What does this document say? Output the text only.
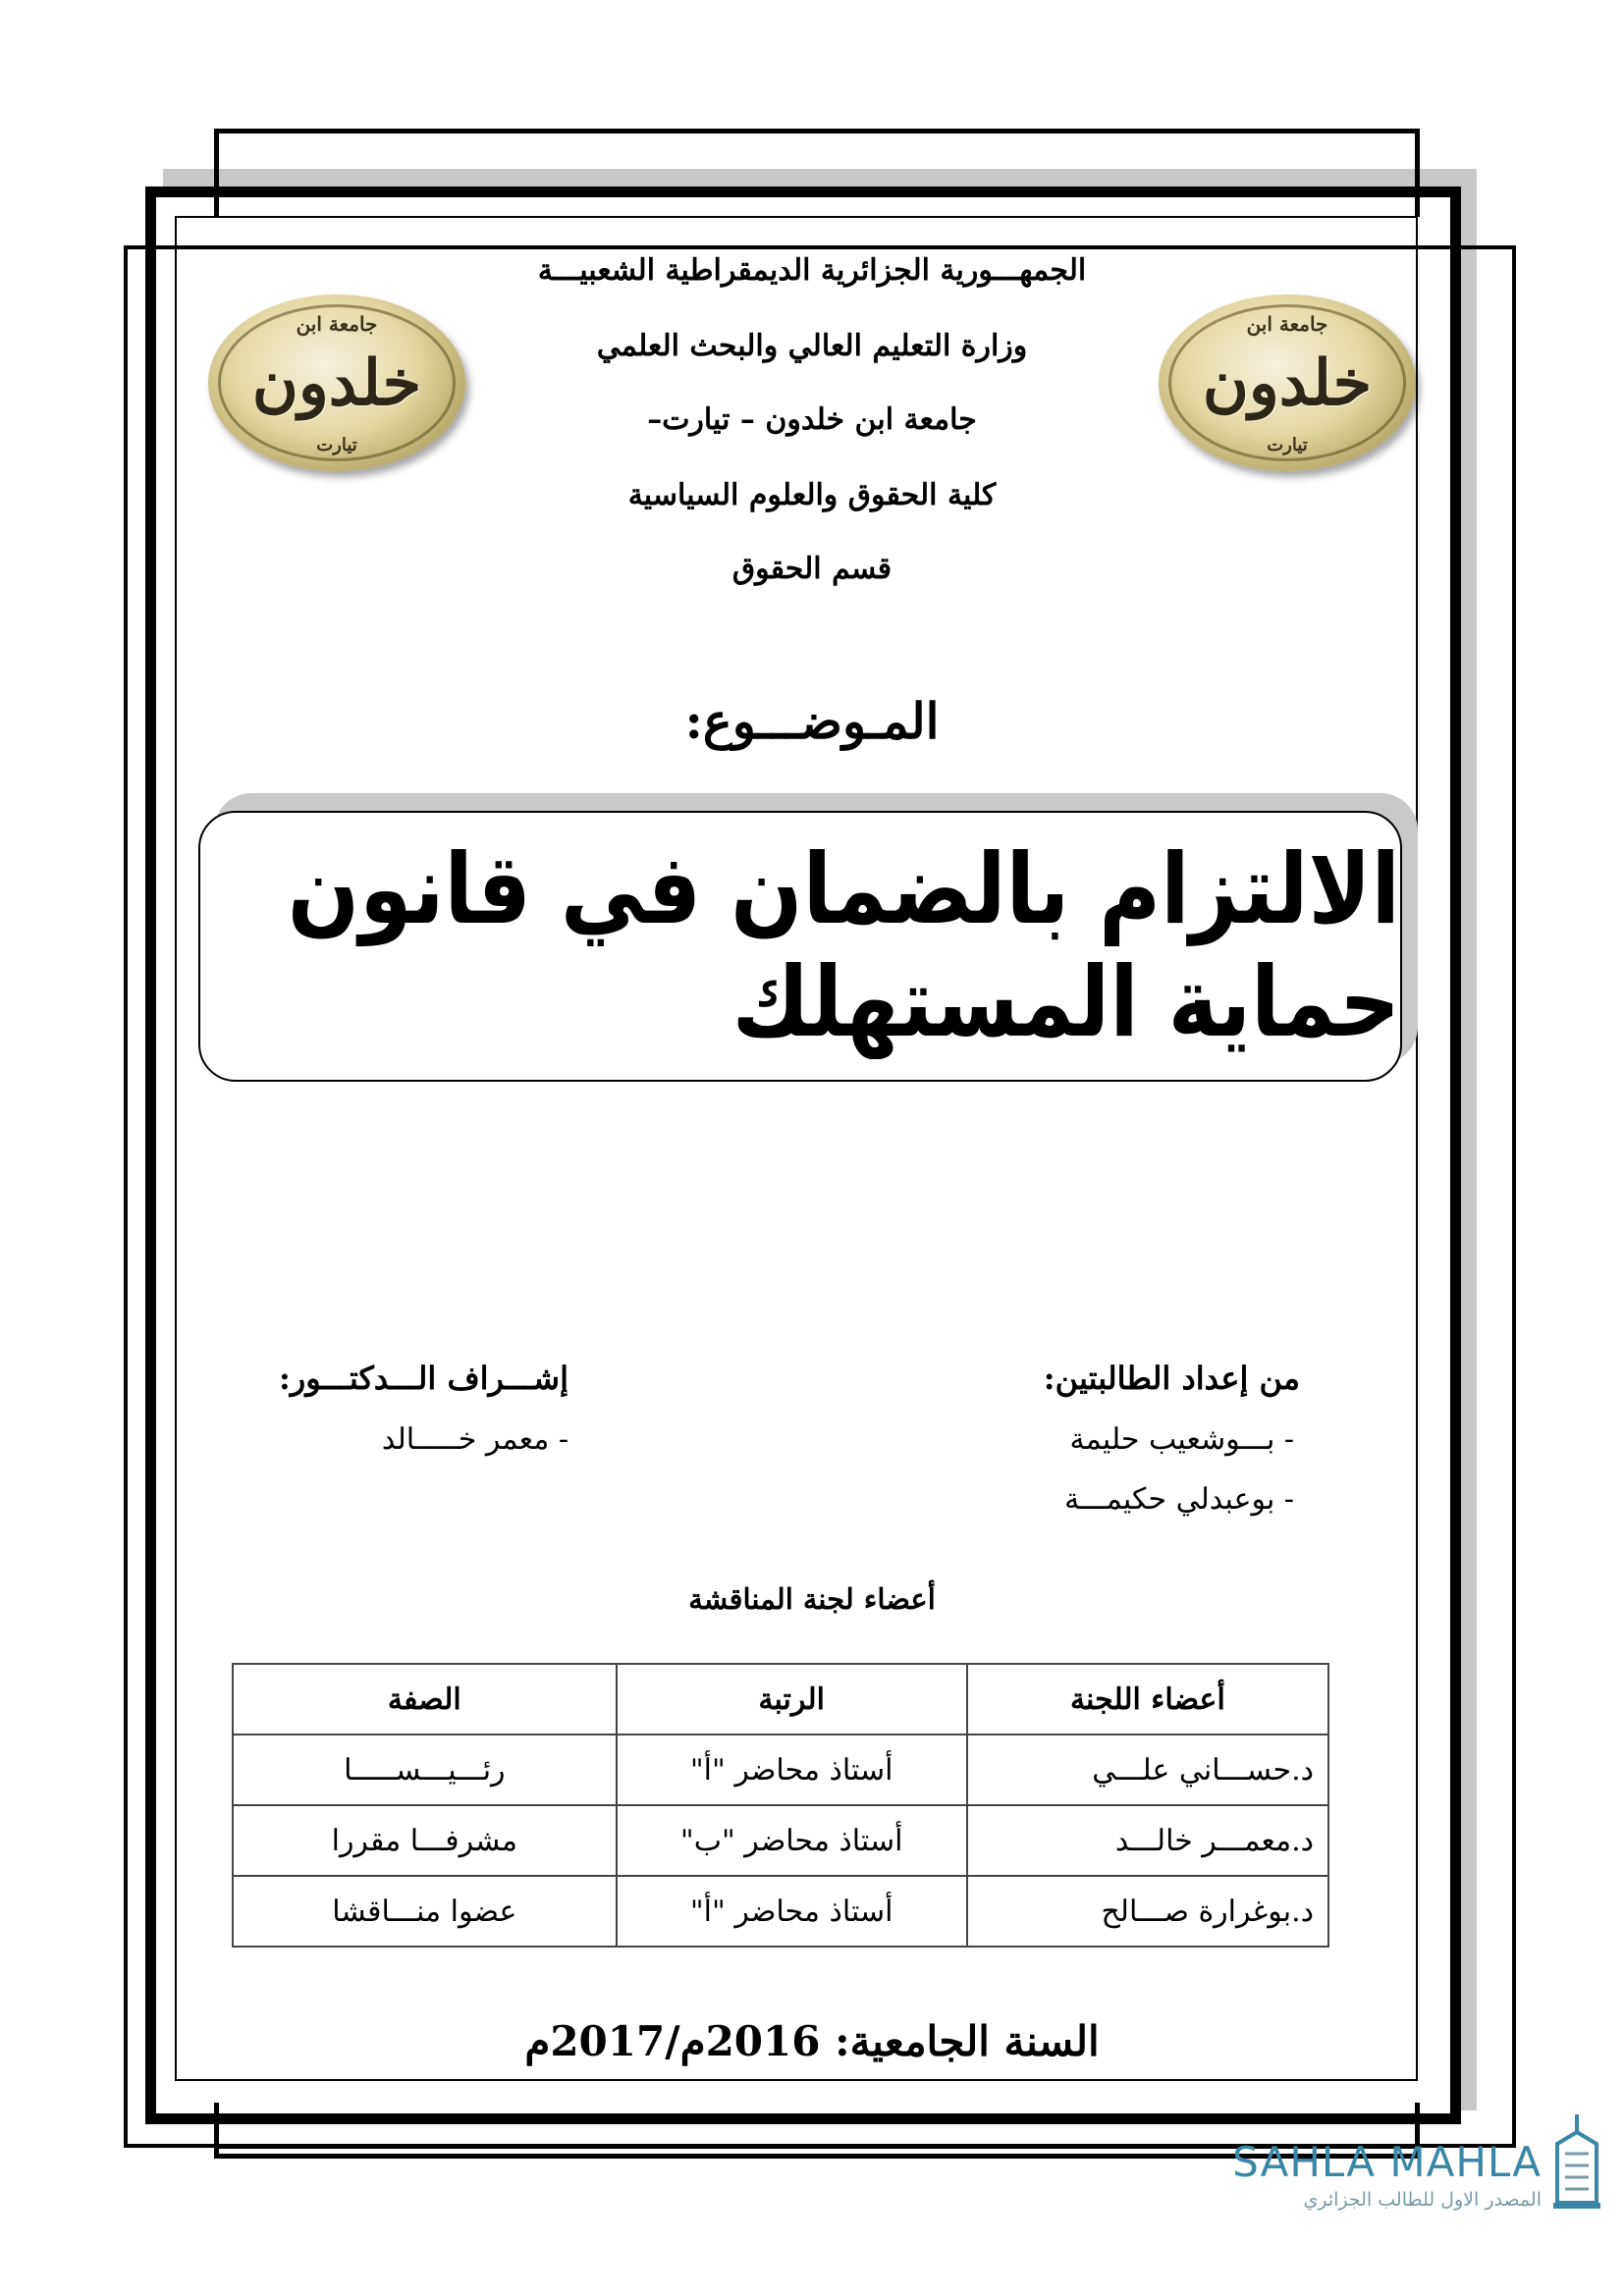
الجمهـــورية الجزائرية الديمقراطية الشعبيـــة
وزارة التعليم العالي والبحث العلمي
جامعة ابن خلدون – تيارت–
كلية الحقوق والعلوم السياسية
قسم الحقوق
جامعة ابن
خلدون
تيارت
جامعة ابن
خلدون
تيارت
المـوضـــوع:
الالتزام بالضمان في قانون حماية المستهلك
من إعداد الطالبتين:
- بـــوشعيب حليمة
- بوعبدلي حكيمـــة
إشـــراف الـــدكتـــور:
- معمر خـــــالد
أعضاء لجنة المناقشة
أعضاء اللجنة	الرتبة	الصفة
د.حســـاني علـــي	أستاذ محاضر "أ"	رئـــيـــســـــا
د.معمـــر خالـــد	أستاذ محاضر "ب"	مشرفـــا مقررا
د.بوغرارة صـــالح	أستاذ محاضر "أ"	عضوا منـــاقشا
السنة الجامعية: 2016م/2017م
SAHLA MAHLA
المصدر الاول للطالب الجزائري
